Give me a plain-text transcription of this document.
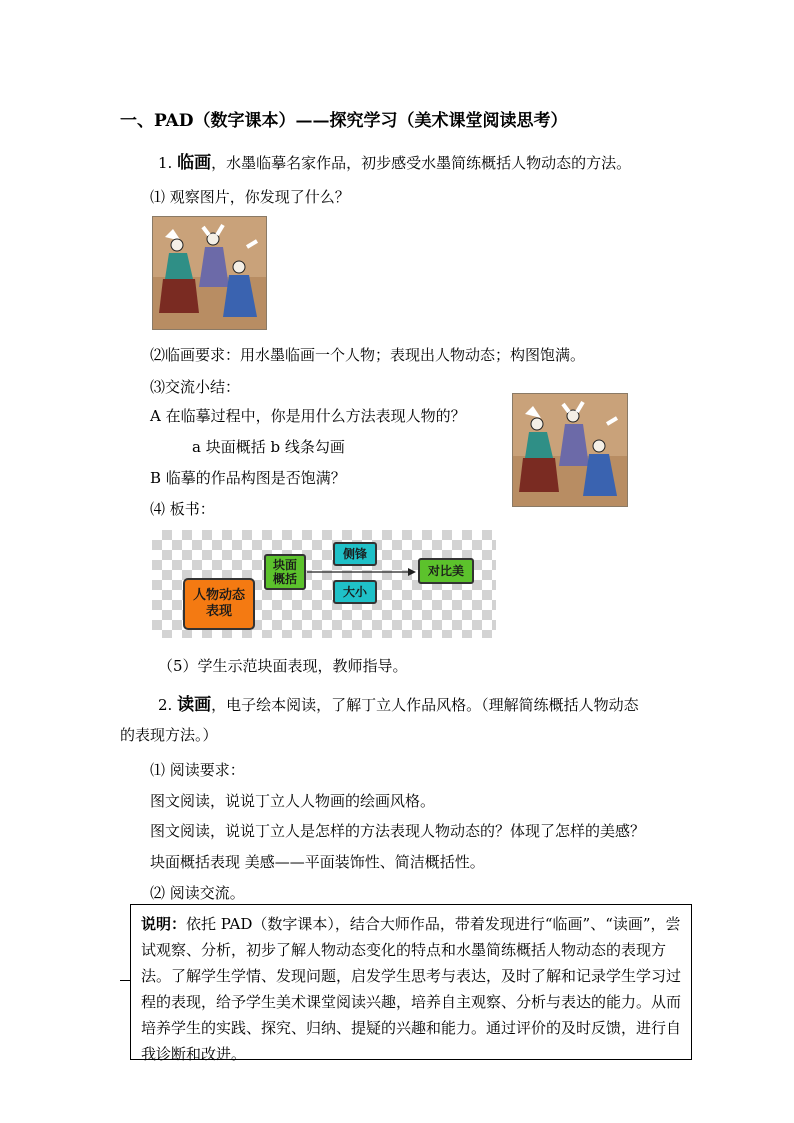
一、PAD（数字课本）——探究学习（美术课堂阅读思考）
1. 临画，水墨临摹名家作品，初步感受水墨简练概括人物动态的方法。
⑴ 观察图片，你发现了什么？
⑵临画要求：用水墨临画一个人物；表现出人物动态；构图饱满。
⑶交流小结：
A 在临摹过程中，你是用什么方法表现人物的？
a 块面概括 b 线条勾画
B 临摹的作品构图是否饱满？
⑷ 板书：
人物动态
表现
块面
概括
侧锋
大小
对比美
（5）学生示范块面表现，教师指导。
2. 读画，电子绘本阅读，了解丁立人作品风格。（理解简练概括人物动态
的表现方法。）
⑴ 阅读要求：
图文阅读，说说丁立人人物画的绘画风格。
图文阅读，说说丁立人是怎样的方法表现人物动态的？体现了怎样的美感？
块面概括表现 美感——平面装饰性、简洁概括性。
⑵ 阅读交流。
说明：依托 PAD（数字课本），结合大师作品，带着发现进行“临画”、“读画”，尝试观察、分析，初步了解人物动态变化的特点和水墨简练概括人物动态的表现方法。了解学生学情、发现问题，启发学生思考与表达，及时了解和记录学生学习过程的表现，给予学生美术课堂阅读兴趣，培养自主观察、分析与表达的能力。从而培养学生的实践、探究、归纳、提疑的兴趣和能力。通过评价的及时反馈，进行自我诊断和改进。
